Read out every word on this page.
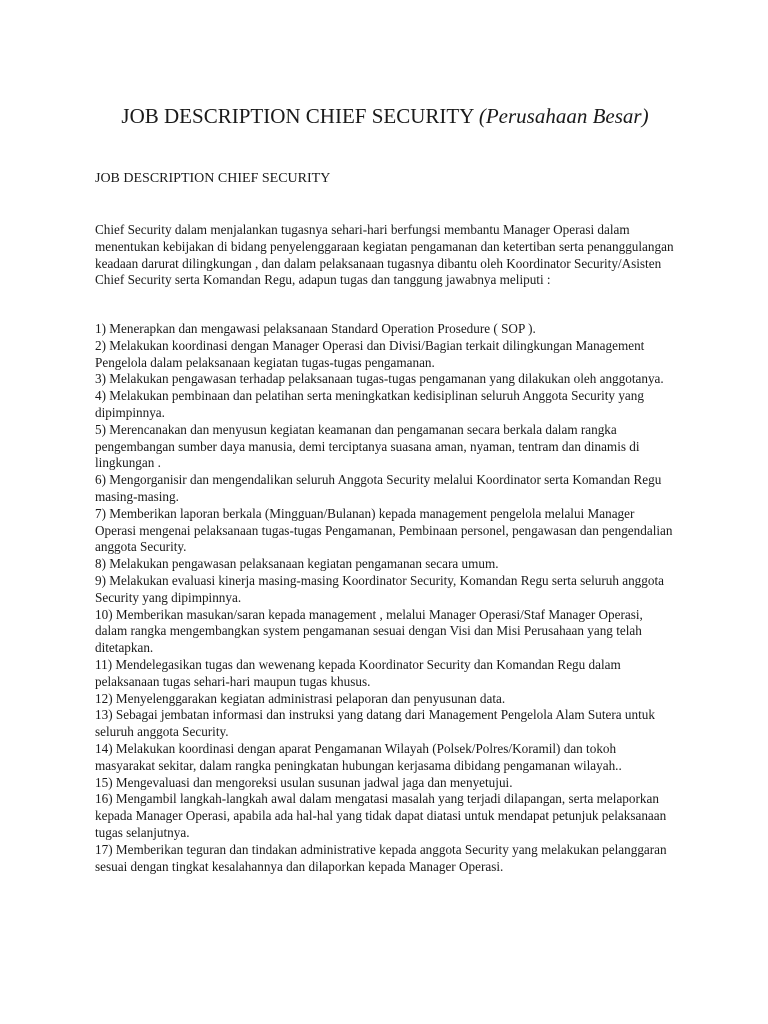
JOB DESCRIPTION CHIEF SECURITY (Perusahaan Besar)

JOB DESCRIPTION CHIEF SECURITY

Chief Security dalam menjalankan tugasnya sehari-hari berfungsi membantu Manager Operasi dalam menentukan kebijakan di bidang penyelenggaraan kegiatan pengamanan dan ketertiban serta penanggulangan keadaan darurat dilingkungan , dan dalam pelaksanaan tugasnya dibantu oleh Koordinator Security/Asisten Chief Security serta Komandan Regu, adapun tugas dan tanggung jawabnya meliputi :

1) Menerapkan dan mengawasi pelaksanaan Standard Operation Prosedure ( SOP ).
2) Melakukan koordinasi dengan Manager Operasi dan Divisi/Bagian terkait dilingkungan Management Pengelola dalam pelaksanaan kegiatan tugas-tugas pengamanan.
3) Melakukan pengawasan terhadap pelaksanaan tugas-tugas pengamanan yang dilakukan oleh anggotanya.
4) Melakukan pembinaan dan pelatihan serta meningkatkan kedisiplinan seluruh Anggota Security yang dipimpinnya.
5) Merencanakan dan menyusun kegiatan keamanan dan pengamanan secara berkala dalam rangka pengembangan sumber daya manusia, demi terciptanya suasana aman, nyaman, tentram dan dinamis di lingkungan .
6) Mengorganisir dan mengendalikan seluruh Anggota Security melalui Koordinator serta Komandan Regu masing-masing.
7) Memberikan laporan berkala (Mingguan/Bulanan) kepada management pengelola melalui Manager Operasi mengenai pelaksanaan tugas-tugas Pengamanan, Pembinaan personel, pengawasan dan pengendalian anggota Security.
8) Melakukan pengawasan pelaksanaan kegiatan pengamanan secara umum.
9) Melakukan evaluasi kinerja masing-masing Koordinator Security, Komandan Regu serta seluruh anggota Security yang dipimpinnya.
10) Memberikan masukan/saran kepada management , melalui Manager Operasi/Staf Manager Operasi, dalam rangka mengembangkan system pengamanan sesuai dengan Visi dan Misi Perusahaan yang telah ditetapkan.
11) Mendelegasikan tugas dan wewenang kepada Koordinator Security dan Komandan Regu dalam pelaksanaan tugas sehari-hari maupun tugas khusus.
12) Menyelenggarakan kegiatan administrasi pelaporan dan penyusunan data.
13) Sebagai jembatan informasi dan instruksi yang datang dari Management Pengelola Alam Sutera untuk seluruh anggota Security.
14) Melakukan koordinasi dengan aparat Pengamanan Wilayah (Polsek/Polres/Koramil) dan tokoh masyarakat sekitar, dalam rangka peningkatan hubungan kerjasama dibidang pengamanan wilayah..
15) Mengevaluasi dan mengoreksi usulan susunan jadwal jaga dan menyetujui.
16) Mengambil langkah-langkah awal dalam mengatasi masalah yang terjadi dilapangan, serta melaporkan kepada Manager Operasi, apabila ada hal-hal yang tidak dapat diatasi untuk mendapat petunjuk pelaksanaan tugas selanjutnya.
17) Memberikan teguran dan tindakan administrative kepada anggota Security yang melakukan pelanggaran sesuai dengan tingkat kesalahannya dan dilaporkan kepada Manager Operasi.
